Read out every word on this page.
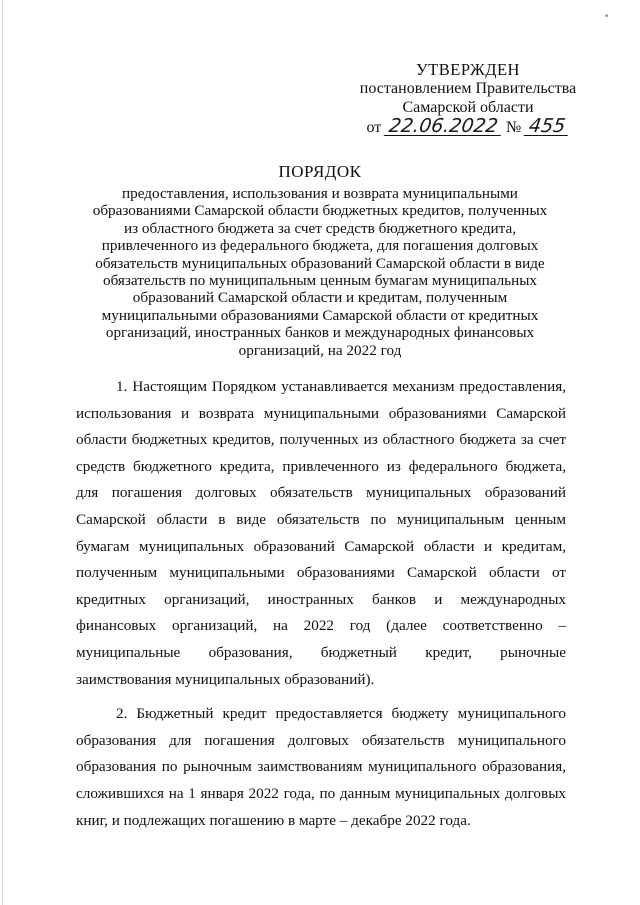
•
УТВЕРЖДЕН
постановлением Правительства
Самарской области
от 22.06.2022 № 455
ПОРЯДОК
предоставления, использования и возврата муниципальными образованиями Самарской области бюджетных кредитов, полученных из областного бюджета за счет средств бюджетного кредита, привлеченного из федерального бюджета, для погашения долговых обязательств муниципальных образований Самарской области в виде обязательств по муниципальным ценным бумагам муниципальных образований Самарской области и кредитам, полученным муниципальными образованиями Самарской области от кредитных организаций, иностранных банков и международных финансовых организаций, на 2022 год

1. Настоящим Порядком устанавливается механизм предоставления, использования и возврата муниципальными образованиями Самарской области бюджетных кредитов, полученных из областного бюджета за счет средств бюджетного кредита, привлеченного из федерального бюджета, для погашения долговых обязательств муниципальных образований Самарской области в виде обязательств по муниципальным ценным бумагам муниципальных образований Самарской области и кредитам, полученным муниципальными образованиями Самарской области от кредитных организаций, иностранных банков и международных финансовых организаций, на 2022 год (далее соответственно – муниципальные образования, бюджетный кредит, рыночные заимствования муниципальных образований).

2. Бюджетный кредит предоставляется бюджету муниципального образования для погашения долговых обязательств муниципального образования по рыночным заимствованиям муниципального образования, сложившихся на 1 января 2022 года, по данным муниципальных долговых книг, и подлежащих погашению в марте – декабре 2022 года.
